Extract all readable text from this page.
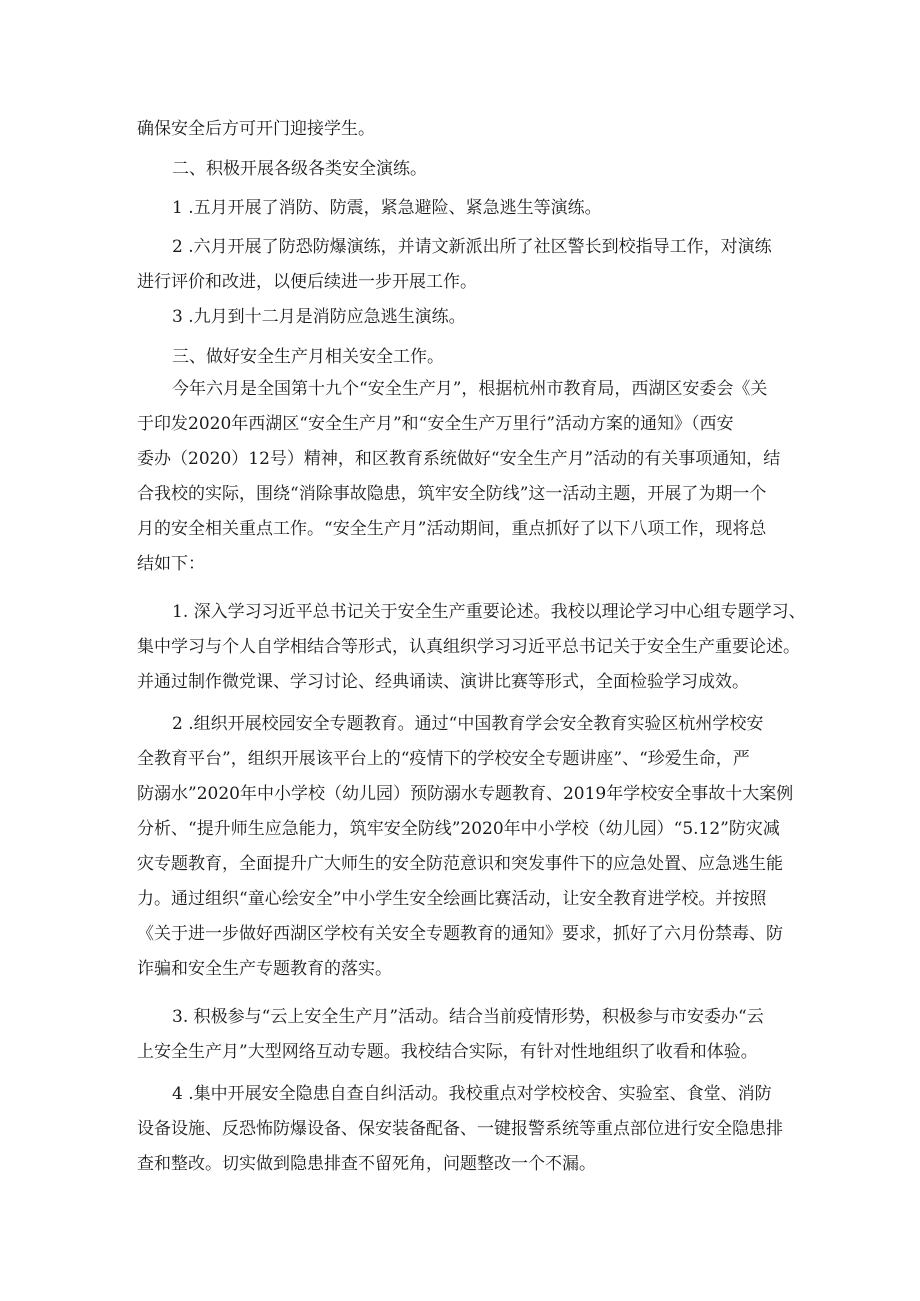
确保安全后方可开门迎接学生。

二、积极开展各级各类安全演练。

1 .五月开展了消防、防震，紧急避险、紧急逃生等演练。

2 .六月开展了防恐防爆演练，并请文新派出所了社区警长到校指导工作，对演练
进行评价和改进，以便后续进一步开展工作。

3 .九月到十二月是消防应急逃生演练。

三、做好安全生产月相关安全工作。

今年六月是全国第十九个“安全生产月”，根据杭州市教育局，西湖区安委会《关
于印发2020年西湖区“安全生产月”和“安全生产万里行”活动方案的通知》（西安
委办（2020）12号）精神，和区教育系统做好“安全生产月”活动的有关事项通知，结
合我校的实际，围绕“消除事故隐患，筑牢安全防线”这一活动主题，开展了为期一个
月的安全相关重点工作。“安全生产月”活动期间，重点抓好了以下八项工作，现将总
结如下：

1. 深入学习习近平总书记关于安全生产重要论述。我校以理论学习中心组专题学习、
集中学习与个人自学相结合等形式，认真组织学习习近平总书记关于安全生产重要论述。
并通过制作微党课、学习讨论、经典诵读、演讲比赛等形式，全面检验学习成效。

2 .组织开展校园安全专题教育。通过“中国教育学会安全教育实验区杭州学校安
全教育平台”，组织开展该平台上的“疫情下的学校安全专题讲座”、“珍爱生命，严
防溺水”2020年中小学校（幼儿园）预防溺水专题教育、2019年学校安全事故十大案例
分析、“提升师生应急能力，筑牢安全防线”2020年中小学校（幼儿园）“5.12”防灾减
灾专题教育，全面提升广大师生的安全防范意识和突发事件下的应急处置、应急逃生能
力。通过组织“童心绘安全”中小学生安全绘画比赛活动，让安全教育进学校。并按照
《关于进一步做好西湖区学校有关安全专题教育的通知》要求，抓好了六月份禁毒、防
诈骗和安全生产专题教育的落实。

3. 积极参与“云上安全生产月”活动。结合当前疫情形势，积极参与市安委办“云
上安全生产月”大型网络互动专题。我校结合实际，有针对性地组织了收看和体验。

4 .集中开展安全隐患自查自纠活动。我校重点对学校校舍、实验室、食堂、消防
设备设施、反恐怖防爆设备、保安装备配备、一键报警系统等重点部位进行安全隐患排
查和整改。切实做到隐患排查不留死角，问题整改一个不漏。
